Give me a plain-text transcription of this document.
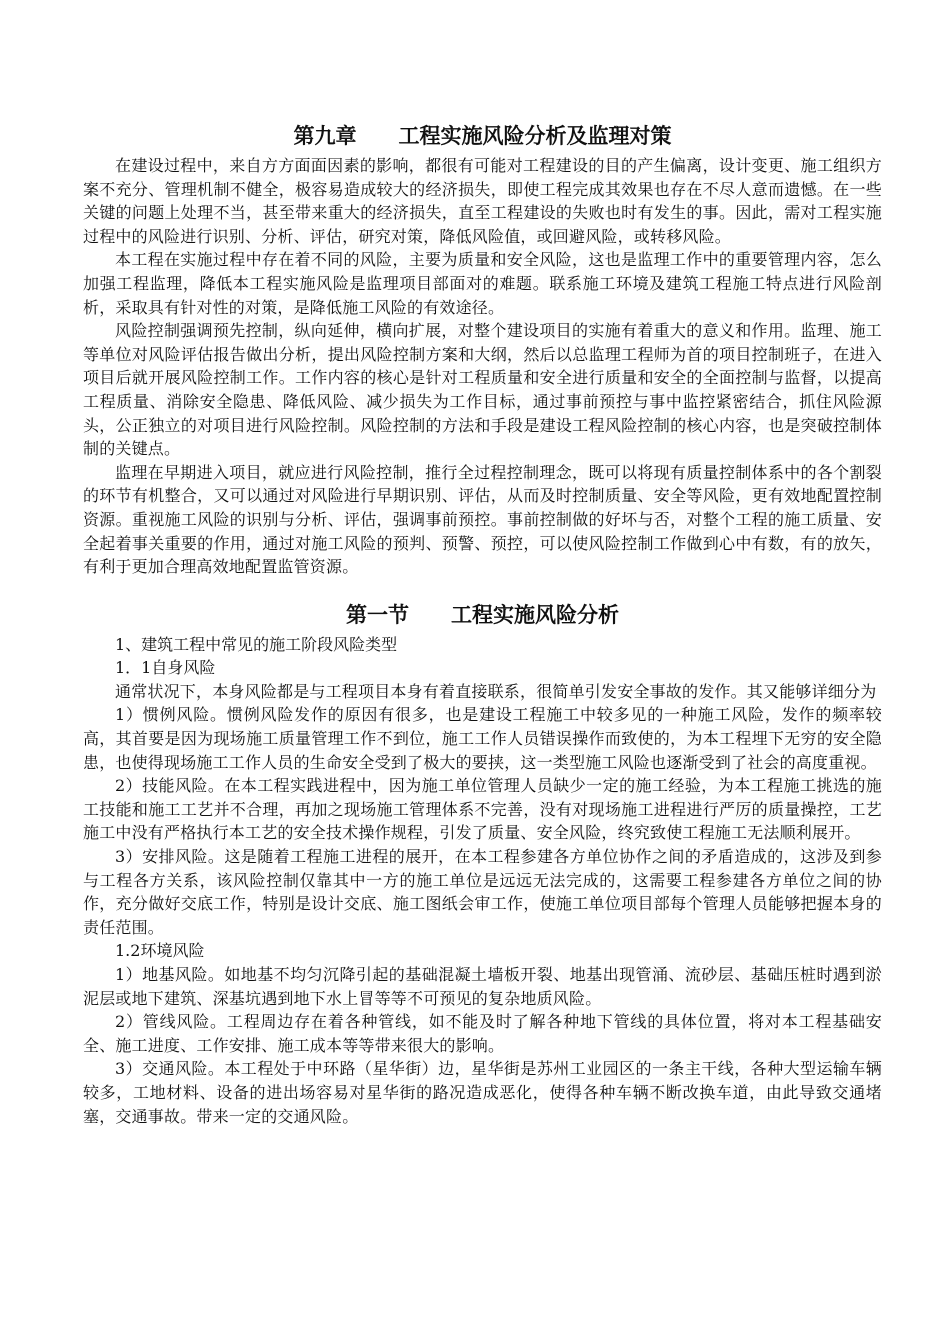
第九章　　工程实施风险分析及监理对策

在建设过程中，来自方方面面因素的影响，都很有可能对工程建设的目的产生偏离，设计变更、施工组织方案不充分、管理机制不健全，极容易造成较大的经济损失，即使工程完成其效果也存在不尽人意而遗憾。在一些关键的问题上处理不当，甚至带来重大的经济损失，直至工程建设的失败也时有发生的事。因此，需对工程实施过程中的风险进行识别、分析、评估，研究对策，降低风险值，或回避风险，或转移风险。

本工程在实施过程中存在着不同的风险，主要为质量和安全风险，这也是监理工作中的重要管理内容，怎么加强工程监理，降低本工程实施风险是监理项目部面对的难题。联系施工环境及建筑工程施工特点进行风险剖析，采取具有针对性的对策，是降低施工风险的有效途径。

风险控制强调预先控制，纵向延伸，横向扩展，对整个建设项目的实施有着重大的意义和作用。监理、施工等单位对风险评估报告做出分析，提出风险控制方案和大纲，然后以总监理工程师为首的项目控制班子，在进入项目后就开展风险控制工作。工作内容的核心是针对工程质量和安全进行质量和安全的全面控制与监督，以提高工程质量、消除安全隐患、降低风险、减少损失为工作目标，通过事前预控与事中监控紧密结合，抓住风险源头，公正独立的对项目进行风险控制。风险控制的方法和手段是建设工程风险控制的核心内容，也是突破控制体制的关键点。

监理在早期进入项目，就应进行风险控制，推行全过程控制理念，既可以将现有质量控制体系中的各个割裂的环节有机整合，又可以通过对风险进行早期识别、评估，从而及时控制质量、安全等风险，更有效地配置控制资源。重视施工风险的识别与分析、评估，强调事前预控。事前控制做的好坏与否，对整个工程的施工质量、安全起着事关重要的作用，通过对施工风险的预判、预警、预控，可以使风险控制工作做到心中有数，有的放矢，有利于更加合理高效地配置监管资源。

第一节　　工程实施风险分析

1、建筑工程中常见的施工阶段风险类型

1．1自身风险

通常状况下，本身风险都是与工程项目本身有着直接联系，很简单引发安全事故的发作。其又能够详细分为

1）惯例风险。惯例风险发作的原因有很多，也是建设工程施工中较多见的一种施工风险，发作的频率较高，其首要是因为现场施工质量管理工作不到位，施工工作人员错误操作而致使的，为本工程埋下无穷的安全隐患，也使得现场施工工作人员的生命安全受到了极大的要挟，这一类型施工风险也逐渐受到了社会的高度重视。

2）技能风险。在本工程实践进程中，因为施工单位管理人员缺少一定的施工经验，为本工程施工挑选的施工技能和施工工艺并不合理，再加之现场施工管理体系不完善，没有对现场施工进程进行严厉的质量操控，工艺施工中没有严格执行本工艺的安全技术操作规程，引发了质量、安全风险，终究致使工程施工无法顺利展开。

3）安排风险。这是随着工程施工进程的展开，在本工程参建各方单位协作之间的矛盾造成的，这涉及到参与工程各方关系，该风险控制仅靠其中一方的施工单位是远远无法完成的，这需要工程参建各方单位之间的协作，充分做好交底工作，特别是设计交底、施工图纸会审工作，使施工单位项目部每个管理人员能够把握本身的责任范围。

1.2环境风险

1）地基风险。如地基不均匀沉降引起的基础混凝土墙板开裂、地基出现管涌、流砂层、基础压桩时遇到淤泥层或地下建筑、深基坑遇到地下水上冒等等不可预见的复杂地质风险。

2）管线风险。工程周边存在着各种管线，如不能及时了解各种地下管线的具体位置，将对本工程基础安全、施工进度、工作安排、施工成本等等带来很大的影响。

3）交通风险。本工程处于中环路（星华街）边，星华街是苏州工业园区的一条主干线，各种大型运输车辆较多，工地材料、设备的进出场容易对星华街的路况造成恶化，使得各种车辆不断改换车道，由此导致交通堵塞，交通事故。带来一定的交通风险。
